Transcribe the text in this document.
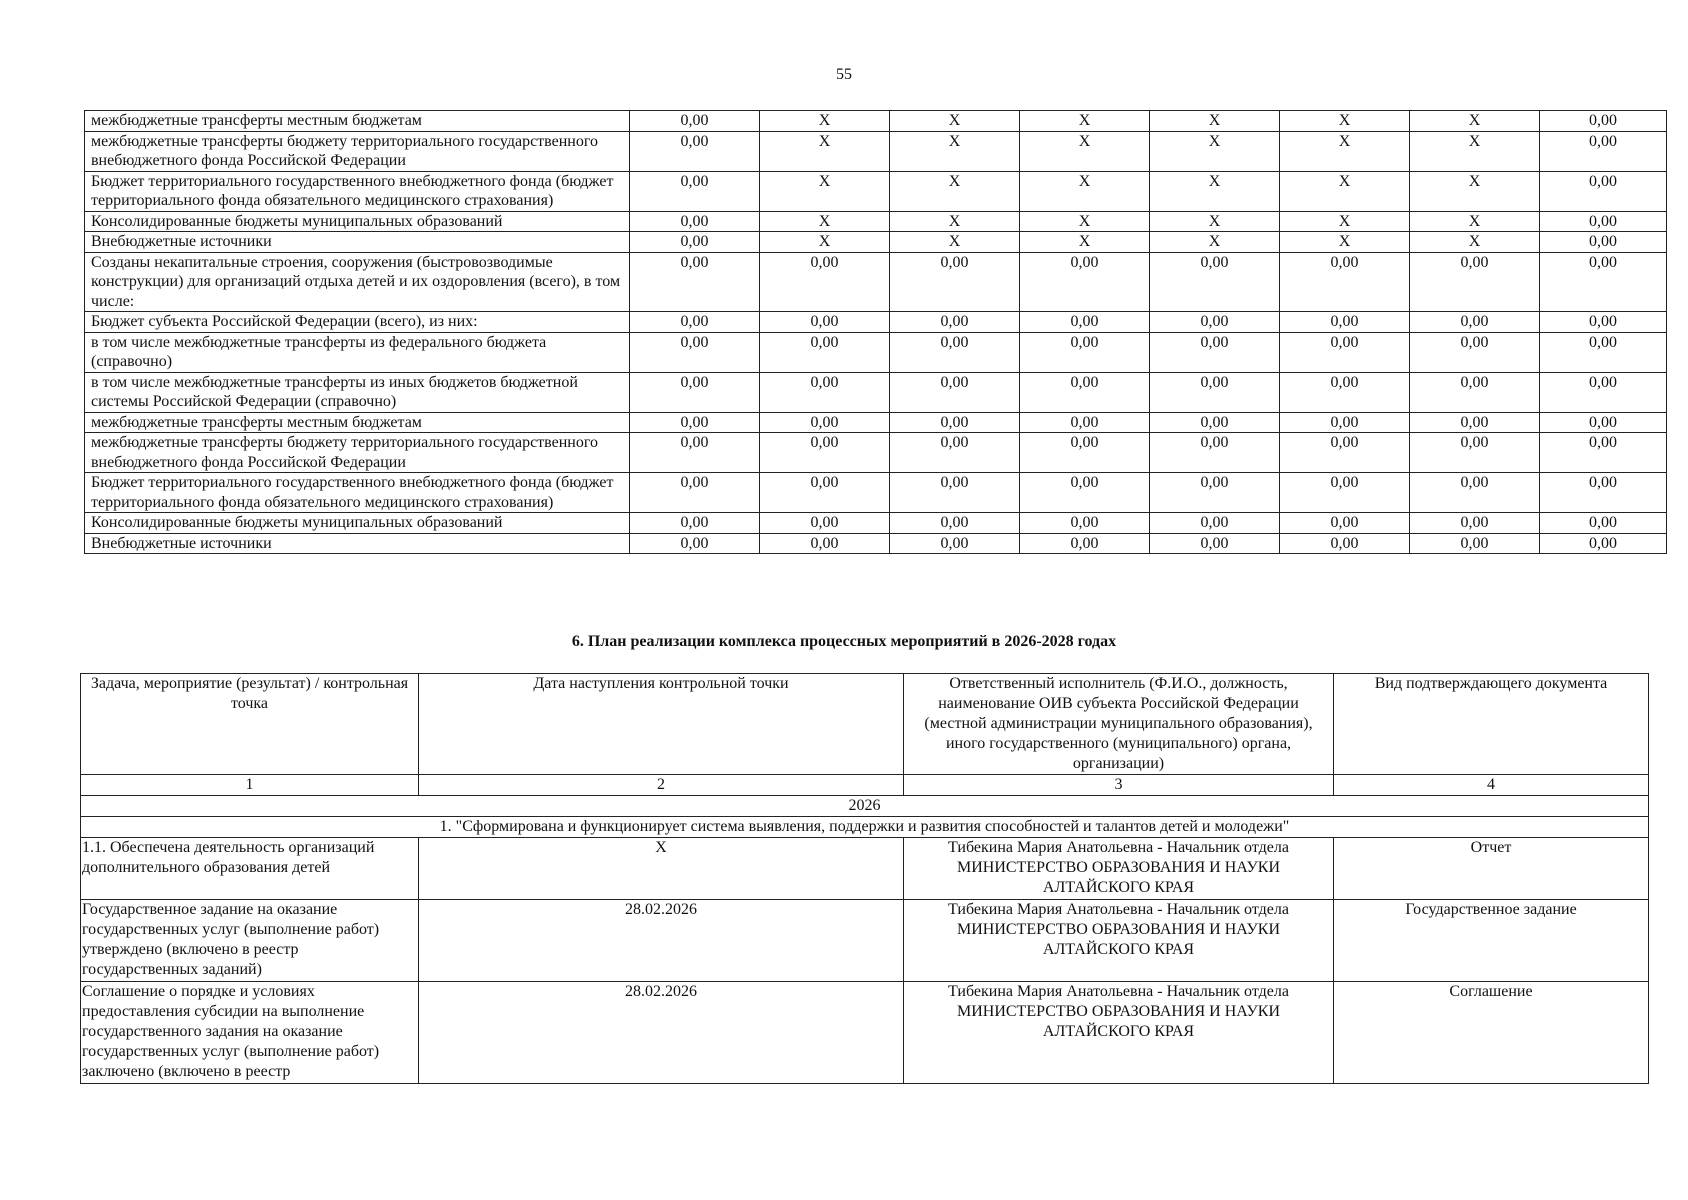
55
межбюджетные трансферты местным бюджетам	0,00	X	X	X	X	X	X	0,00
межбюджетные трансферты бюджету территориального государственного внебюджетного фонда Российской Федерации	0,00	X	X	X	X	X	X	0,00
Бюджет территориального государственного внебюджетного фонда (бюджет территориального фонда обязательного медицинского страхования)	0,00	X	X	X	X	X	X	0,00
Консолидированные бюджеты муниципальных образований	0,00	X	X	X	X	X	X	0,00
Внебюджетные источники	0,00	X	X	X	X	X	X	0,00
Созданы некапитальные строения, сооружения (быстровозводимые конструкции) для организаций отдыха детей и их оздоровления (всего), в том числе:	0,00	0,00	0,00	0,00	0,00	0,00	0,00	0,00
Бюджет субъекта Российской Федерации (всего), из них:	0,00	0,00	0,00	0,00	0,00	0,00	0,00	0,00
в том числе межбюджетные трансферты из федерального бюджета (справочно)	0,00	0,00	0,00	0,00	0,00	0,00	0,00	0,00
в том числе межбюджетные трансферты из иных бюджетов бюджетной системы Российской Федерации (справочно)	0,00	0,00	0,00	0,00	0,00	0,00	0,00	0,00
межбюджетные трансферты местным бюджетам	0,00	0,00	0,00	0,00	0,00	0,00	0,00	0,00
межбюджетные трансферты бюджету территориального государственного внебюджетного фонда Российской Федерации	0,00	0,00	0,00	0,00	0,00	0,00	0,00	0,00
Бюджет территориального государственного внебюджетного фонда (бюджет территориального фонда обязательного медицинского страхования)	0,00	0,00	0,00	0,00	0,00	0,00	0,00	0,00
Консолидированные бюджеты муниципальных образований	0,00	0,00	0,00	0,00	0,00	0,00	0,00	0,00
Внебюджетные источники	0,00	0,00	0,00	0,00	0,00	0,00	0,00	0,00
6. План реализации комплекса процессных мероприятий в 2026-2028 годах
Задача, мероприятие (результат) / контрольная точка	Дата наступления контрольной точки	Ответственный исполнитель (Ф.И.О., должность, наименование ОИВ субъекта Российской Федерации (местной администрации муниципального образования), иного государственного (муниципального) органа, организации)	Вид подтверждающего документа
1	2	3	4
2026			
1. "Сформирована и функционирует система выявления, поддержки и развития способностей и талантов детей и молодежи"			
1.1. Обеспечена деятельность организаций дополнительного образования детей	X	Тибекина Мария Анатольевна - Начальник отдела МИНИСТЕРСТВО ОБРАЗОВАНИЯ И НАУКИ АЛТАЙСКОГО КРАЯ	Отчет
Государственное задание на оказание государственных услуг (выполнение работ) утверждено (включено в реестр государственных заданий)	28.02.2026	Тибекина Мария Анатольевна - Начальник отдела МИНИСТЕРСТВО ОБРАЗОВАНИЯ И НАУКИ АЛТАЙСКОГО КРАЯ	Государственное задание
Соглашение о порядке и условиях предоставления субсидии на выполнение государственного задания на оказание государственных услуг (выполнение работ) заключено (включено в реестр	28.02.2026	Тибекина Мария Анатольевна - Начальник отдела МИНИСТЕРСТВО ОБРАЗОВАНИЯ И НАУКИ АЛТАЙСКОГО КРАЯ	Соглашение
